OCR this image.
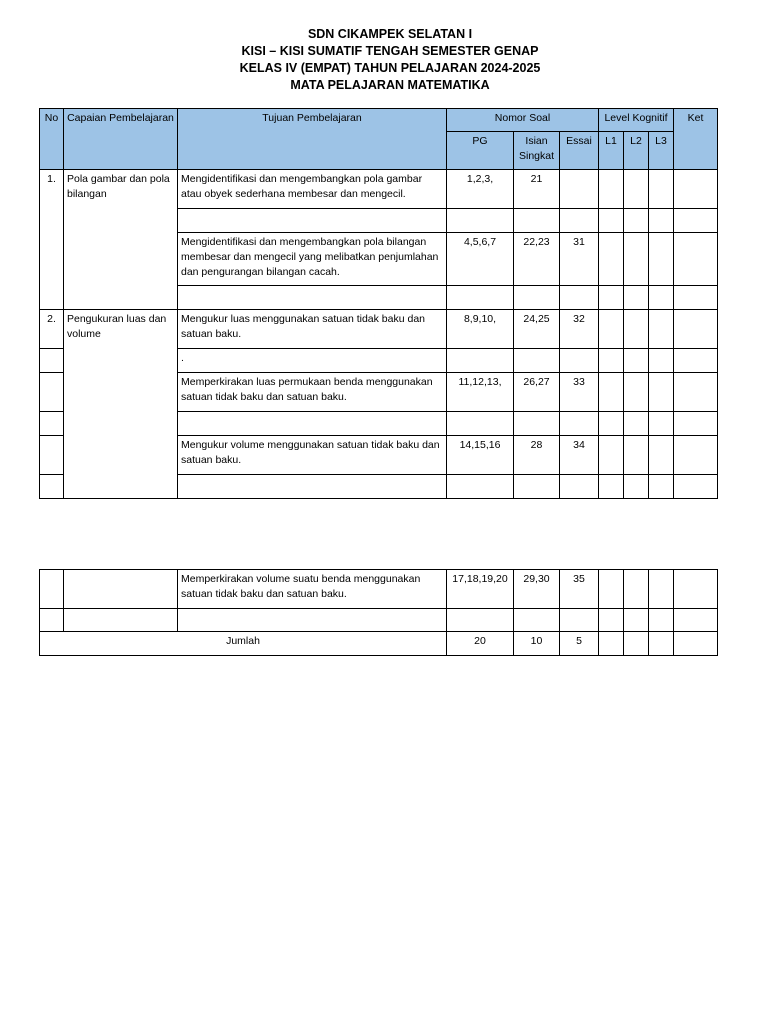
SDN CIKAMPEK SELATAN I
KISI – KISI SUMATIF TENGAH SEMESTER GENAP
KELAS IV (EMPAT) TAHUN PELAJARAN 2024-2025
MATA PELAJARAN MATEMATIKA
No	Capaian Pembelajaran	Tujuan Pembelajaran	Nomor Soal			Level Kognitif			Ket
			PG	Isian Singkat	Essai	L1	L2	L3	
1.	Pola gambar dan pola bilangan	Mengidentifikasi dan mengembangkan pola gambar atau obyek sederhana membesar dan mengecil.	1,2,3,	21					

		Mengidentifikasi dan mengembangkan pola bilangan membesar dan mengecil yang melibatkan penjumlahan dan pengurangan bilangan cacah.	4,5,6,7	22,23	31				

2.	Pengukuran luas dan volume	Mengukur luas menggunakan satuan tidak baku dan satuan baku.	8,9,10,	24,25	32				
		.							
		Memperkirakan luas permukaan benda menggunakan satuan tidak baku dan satuan baku.	11,12,13,	26,27	33				

		Mengukur volume menggunakan satuan tidak baku dan satuan baku.	14,15,16	28	34				

		Memperkirakan volume suatu benda menggunakan satuan tidak baku dan satuan baku.	17,18,19,20	29,30	35				

Jumlah			20	10	5				
